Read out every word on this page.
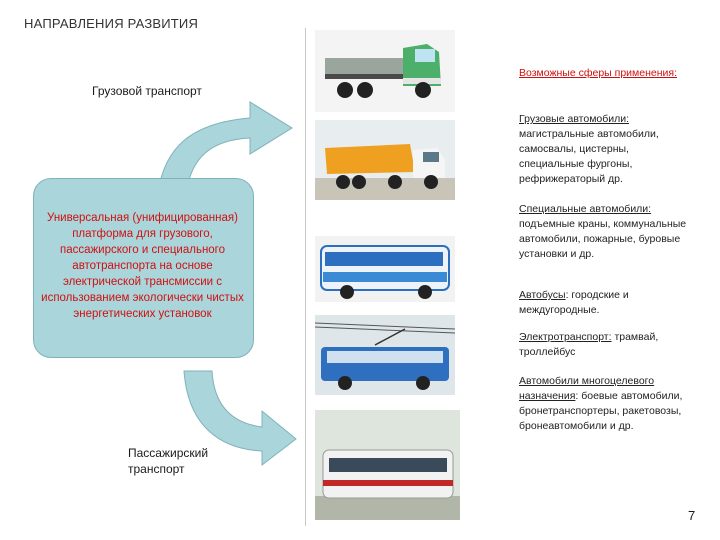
НАПРАВЛЕНИЯ РАЗВИТИЯ
Грузовой транспорт
Универсальная (унифицированная) платформа для грузового, пассажирского и специального автотранспорта на основе электрической трансмиссии с использованием экологически чистых энергетических установок
Пассажирский транспорт
Возможные сферы применения:
Грузовые автомобили: магистральные автомобили, самосвалы, цистерны, специальные фургоны, рефрижераторый др.
Специальные автомобили: подъемные краны, коммунальные автомобили, пожарные, буровые установки и др.
Автобусы: городские и междугородные.
Электротранспорт: трамвай, троллейбус
Автомобили многоцелевого назначения: боевые автомобили, бронетранспортеры, ракетовозы, бронеавтомобили и др.
7
